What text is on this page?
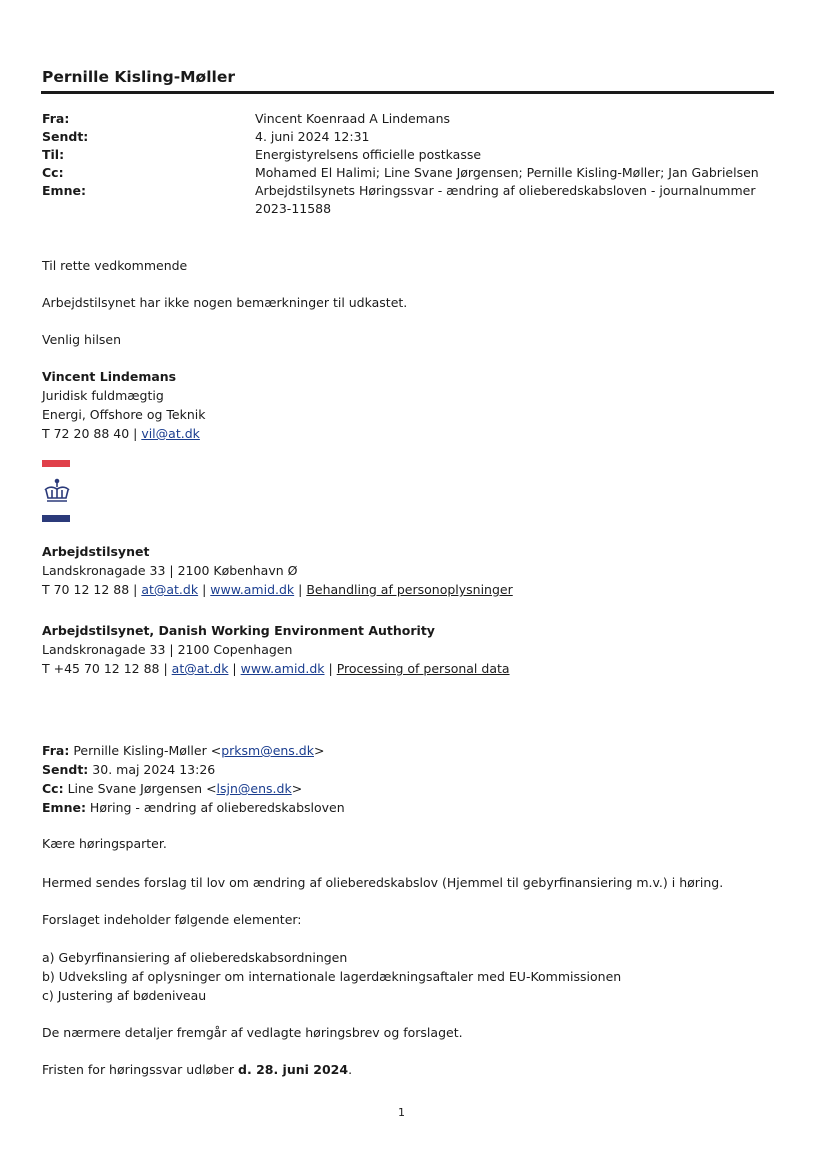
Pernille Kisling-Møller
Fra:	Vincent Koenraad A Lindemans
Sendt:	4. juni 2024 12:31
Til:	Energistyrelsens officielle postkasse
Cc:	Mohamed El Halimi; Line Svane Jørgensen; Pernille Kisling-Møller; Jan Gabrielsen
Emne:	Arbejdstilsynets Høringssvar - ændring af olieberedskabsloven - journalnummer 2023-11588
Til rette vedkommende
Arbejdstilsynet har ikke nogen bemærkninger til udkastet.
Venlig hilsen
Vincent Lindemans
Juridisk fuldmægtig
Energi, Offshore og Teknik
T 72 20 88 40 | vil@at.dk
Arbejdstilsynet
Landskronagade 33 | 2100 København Ø
T 70 12 12 88 | at@at.dk | www.amid.dk | Behandling af personoplysninger
Arbejdstilsynet, Danish Working Environment Authority
Landskronagade 33 | 2100 Copenhagen
T +45 70 12 12 88 | at@at.dk | www.amid.dk | Processing of personal data
Fra: Pernille Kisling-Møller <prksm@ens.dk>
Sendt: 30. maj 2024 13:26
Cc: Line Svane Jørgensen <lsjn@ens.dk>
Emne: Høring - ændring af olieberedskabsloven
Kære høringsparter.
Hermed sendes forslag til lov om ændring af olieberedskabslov (Hjemmel til gebyrfinansiering m.v.) i høring.
Forslaget indeholder følgende elementer:
a) Gebyrfinansiering af olieberedskabsordningen
b) Udveksling af oplysninger om internationale lagerdækningsaftaler med EU-Kommissionen
c) Justering af bødeniveau
De nærmere detaljer fremgår af vedlagte høringsbrev og forslaget.
Fristen for høringssvar udløber d. 28. juni 2024.
1
